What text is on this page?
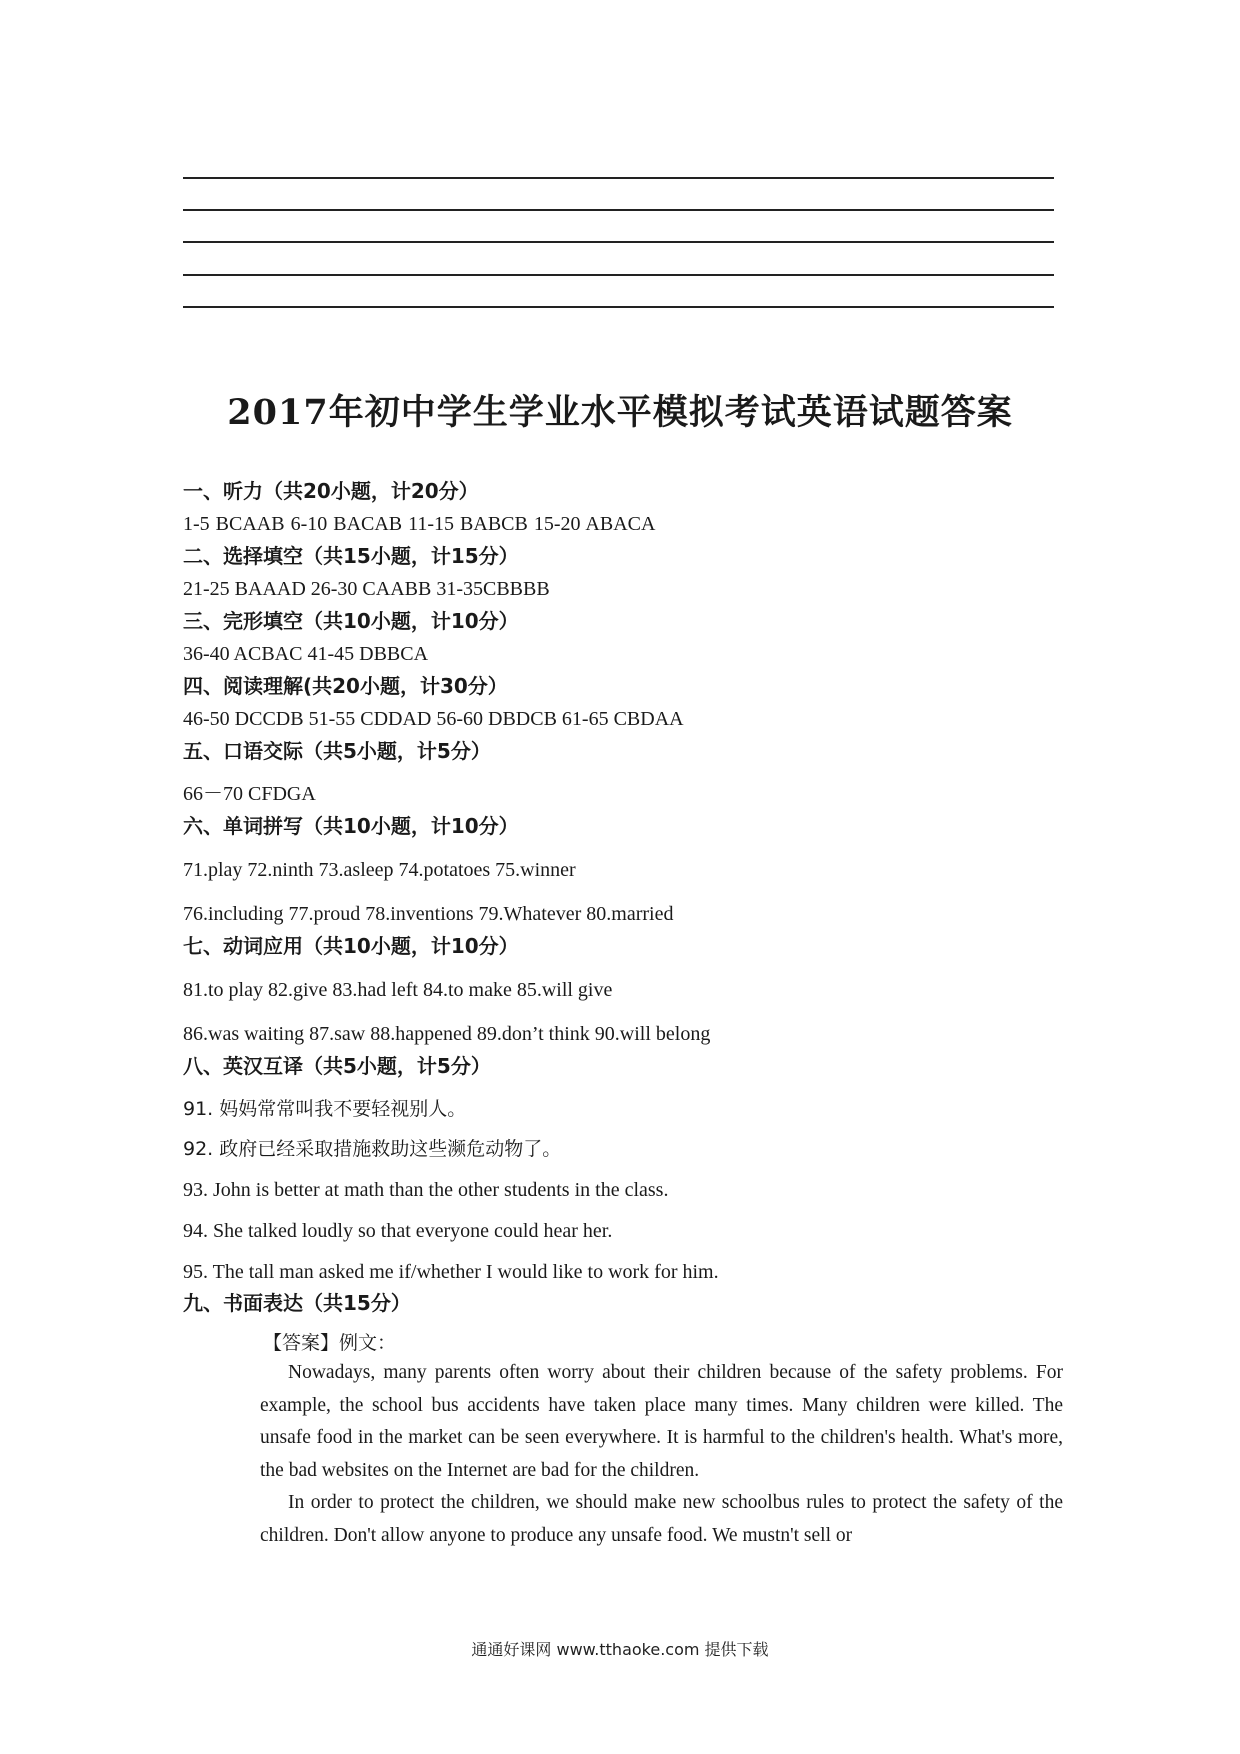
2017年初中学生学业水平模拟考试英语试题答案
一、听力（共20小题，计20分）
1-5 BCAAB 6-10 BACAB 11-15 BABCB 15-20 ABACA
二、选择填空（共15小题，计15分）
21-25 BAAAD 26-30 CAABB 31-35CBBBB
三、完形填空（共10小题，计10分）
36-40 ACBAC 41-45 DBBCA
四、阅读理解(共20小题，计30分）
46-50 DCCDB 51-55 CDDAD 56-60 DBDCB 61-65 CBDAA
五、口语交际（共5小题，计5分）
66－70 CFDGA
六、单词拼写（共10小题，计10分）
71.play 72.ninth 73.asleep 74.potatoes 75.winner
76.including 77.proud 78.inventions 79.Whatever 80.married
七、动词应用（共10小题，计10分）
81.to play 82.give 83.had left 84.to make 85.will give
86.was waiting 87.saw 88.happened 89.don’t think 90.will belong
八、英汉互译（共5小题，计5分）
91. 妈妈常常叫我不要轻视别人。
92. 政府已经采取措施救助这些濒危动物了。
93. John is better at math than the other students in the class.
94. She talked loudly so that everyone could hear her.
95. The tall man asked me if/whether I would like to work for him.
九、书面表达（共15分）
【答案】例文：

Nowadays, many parents often worry about their children because of the safety problems. For example, the school bus accidents have taken place many times. Many children were killed. The unsafe food in the market can be seen everywhere. It is harmful to the children's health. What's more, the bad websites on the Internet are bad for the children.

In order to protect the children, we should make new schoolbus rules to protect the safety of the children. Don't allow anyone to produce any unsafe food. We mustn't sell or

通通好课网 www.tthaoke.com 提供下载
